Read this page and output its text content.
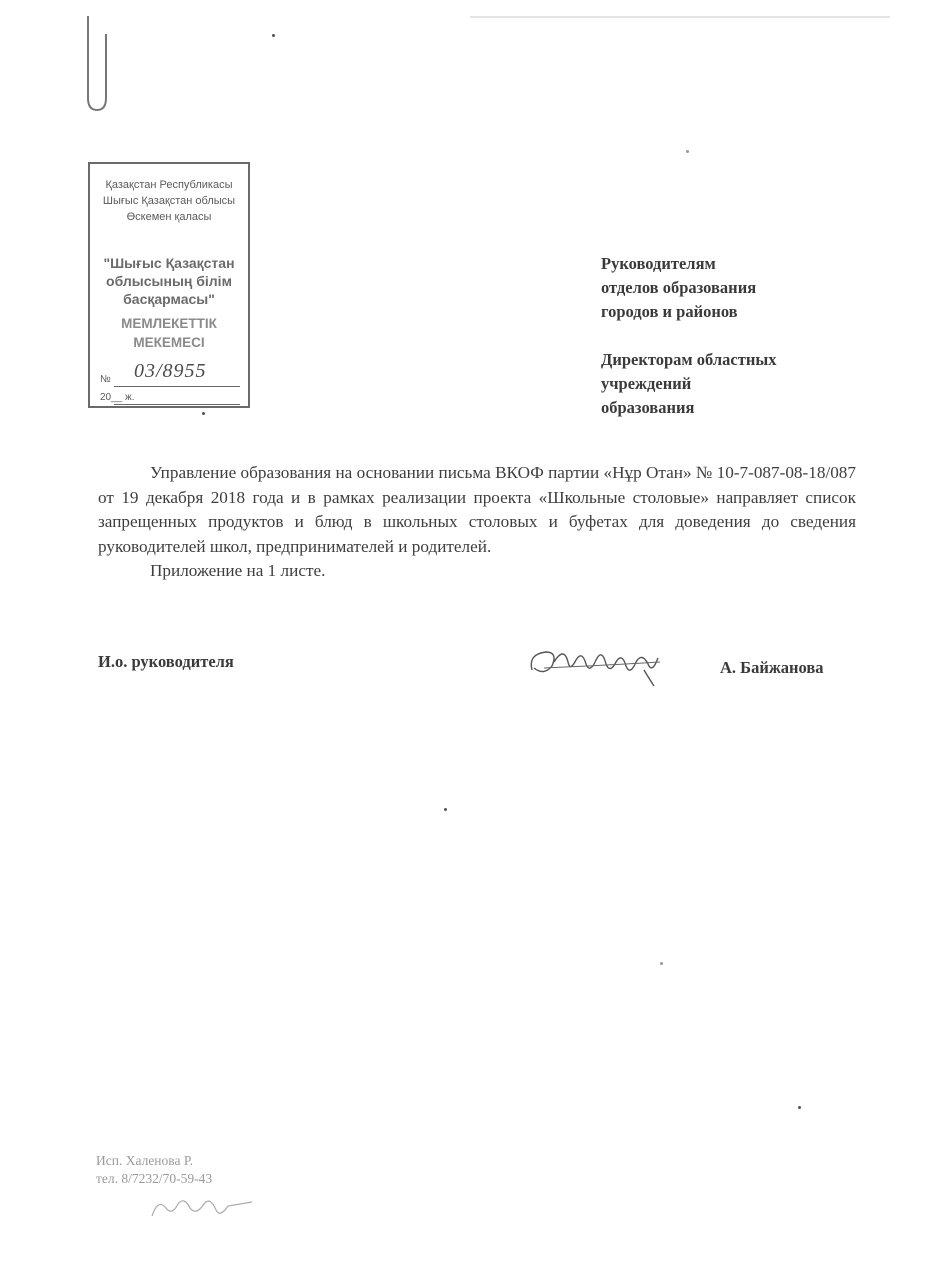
Қазақстан Республикасы
Шығыс Қазақстан облысы
Өскемен қаласы
"Шығыс Қазақстан
облысының білім
басқармасы"
МЕМЛЕКЕТТІК
МЕКЕМЕСІ
№ 03/8955
20__ ж.
Руководителям
отделов образования
городов и районов
Директорам областных
учреждений
образования

Управление образования на основании письма ВКОФ партии «Нұр Отан» № 10-7-087-08-18/087 от 19 декабря 2018 года и в рамках реализации проекта «Школьные столовые» направляет список запрещенных продуктов и блюд в школьных столовых и буфетах для доведения до сведения руководителей школ, предпринимателей и родителей.

Приложение на 1 листе.

И.о. руководителя	А. Байжанова
Исп. Халенова Р.
тел. 8/7232/70-59-43
